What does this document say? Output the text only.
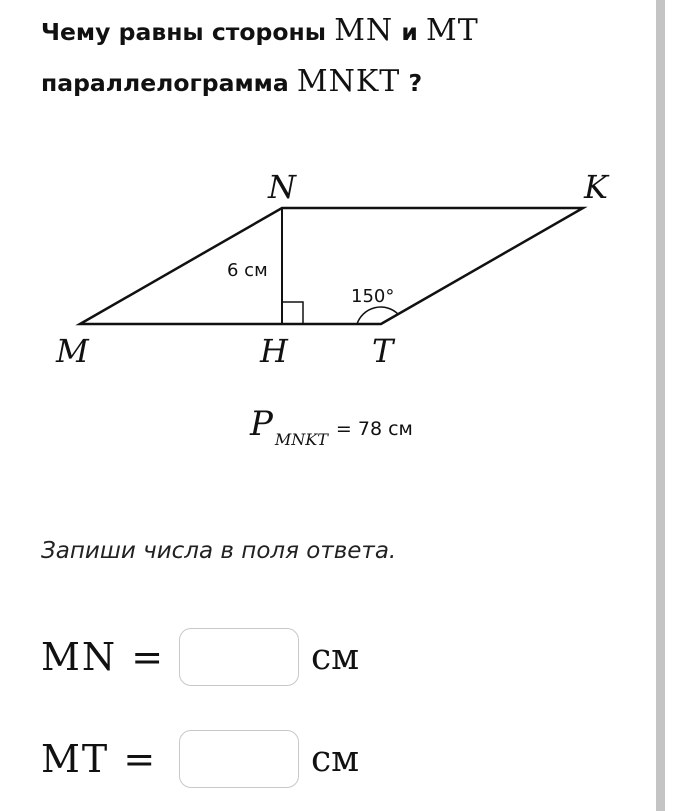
Чему равны стороны MN и MT
параллелограмма MNKT ?
N	K
M	H	T
6 см
150°
PMNKT = 78 см
Запиши числа в поля ответа.
MN =	см
MT =	см
